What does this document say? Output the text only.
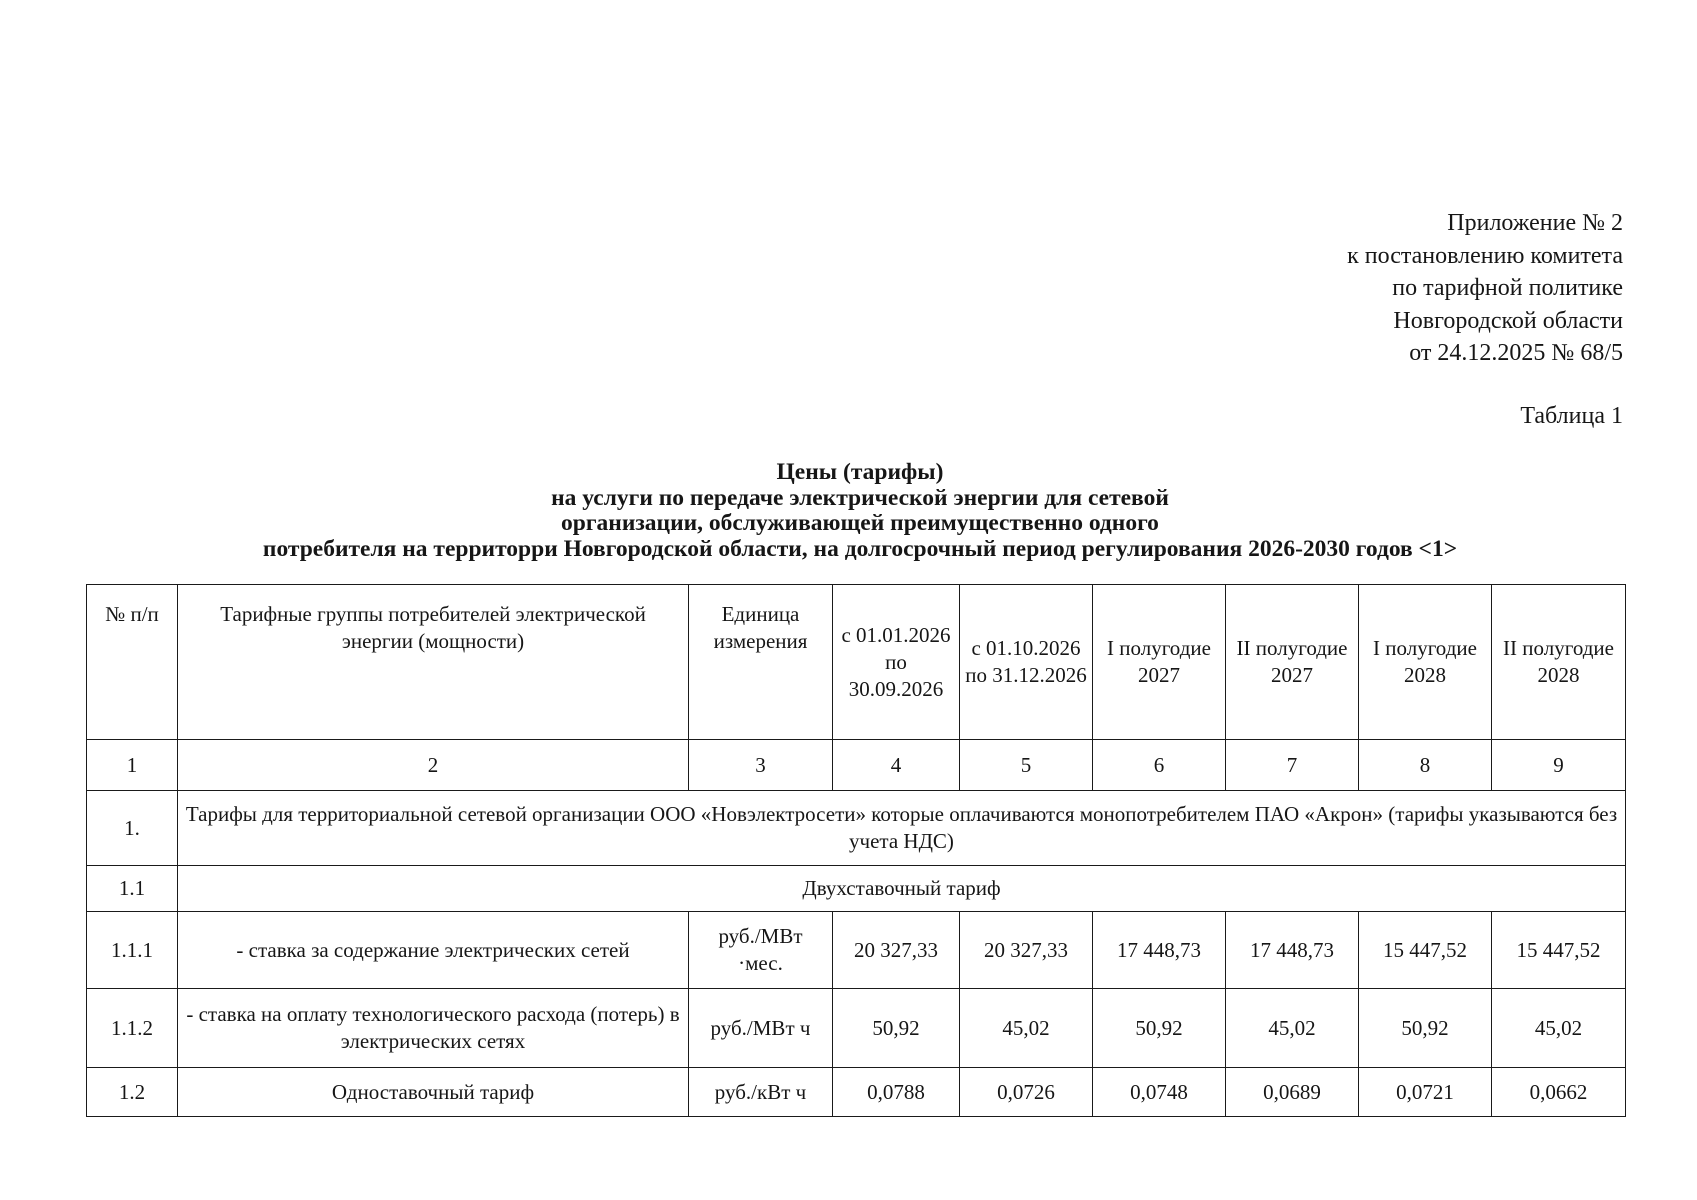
Приложение № 2
к постановлению комитета
по тарифной политике
Новгородской области
от 24.12.2025 № 68/5
Таблица 1
Цены (тарифы)
на услуги по передаче электрической энергии для сетевой
организации, обслуживающей преимущественно одного
потребителя на территорри Новгородской области, на долгосрочный период регулирования 2026-2030 годов <1>
№ п/п	Тарифные группы потребителей электрической энергии (мощности)	Единица измерения	с 01.01.2026 по 30.09.2026	с 01.10.2026 по 31.12.2026	I полугодие 2027	II полугодие 2027	I полугодие 2028	II полугодие 2028
1	2	3	4	5	6	7	8	9
1.	Тарифы для территориальной сетевой организации ООО «Новэлектросети» которые оплачиваются монопотребителем ПАО «Акрон» (тарифы указываются без учета НДС)							
1.1	Двухставочный тариф							
1.1.1	- ставка за содержание электрических сетей	руб./МВт ·мес.	20 327,33	20 327,33	17 448,73	17 448,73	15 447,52	15 447,52
1.1.2	- ставка на оплату технологического расхода (потерь) в электрических сетях	руб./МВт ч	50,92	45,02	50,92	45,02	50,92	45,02
1.2	Одноставочный тариф	руб./кВт ч	0,0788	0,0726	0,0748	0,0689	0,0721	0,0662
